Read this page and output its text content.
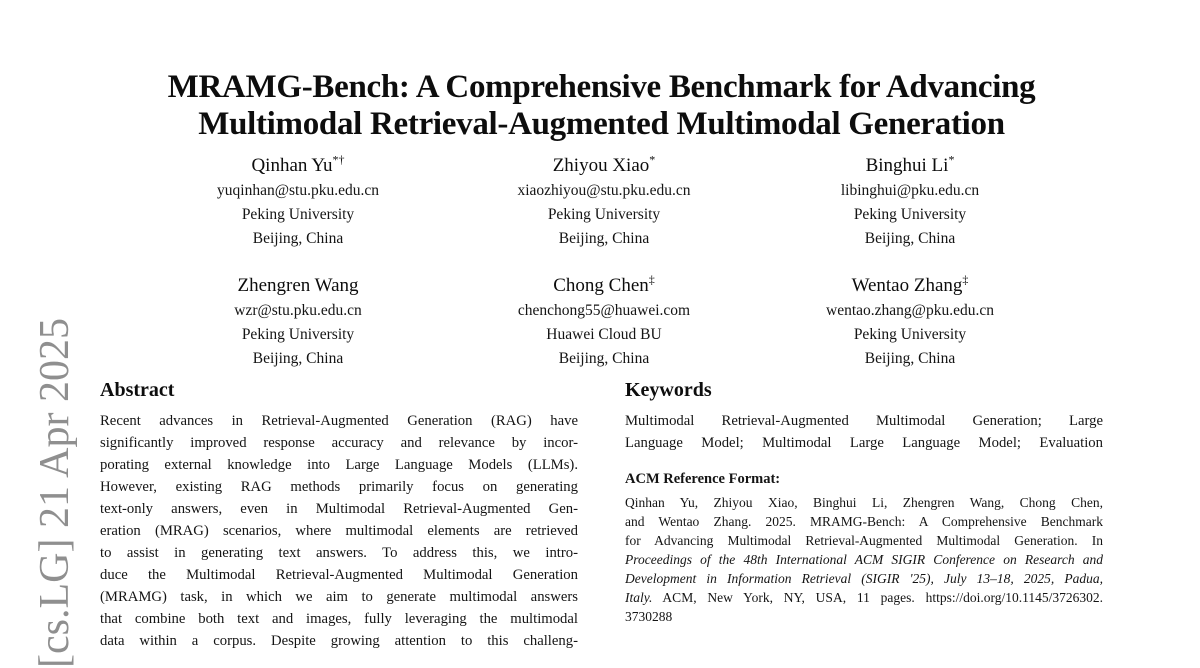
[cs.LG] 21 Apr 2025
MRAMG-Bench: A Comprehensive Benchmark for Advancing
Multimodal Retrieval-Augmented Multimodal Generation
Qinhan Yu*†
yuqinhan@stu.pku.edu.cn
Peking University
Beijing, China
Zhiyou Xiao*
xiaozhiyou@stu.pku.edu.cn
Peking University
Beijing, China
Binghui Li*
libinghui@pku.edu.cn
Peking University
Beijing, China
Zhengren Wang
wzr@stu.pku.edu.cn
Peking University
Beijing, China
Chong Chen‡
chenchong55@huawei.com
Huawei Cloud BU
Beijing, China
Wentao Zhang‡
wentao.zhang@pku.edu.cn
Peking University
Beijing, China
Abstract
Recent advances in Retrieval-Augmented Generation (RAG) have
significantly improved response accuracy and relevance by incor-
porating external knowledge into Large Language Models (LLMs).
However, existing RAG methods primarily focus on generating
text-only answers, even in Multimodal Retrieval-Augmented Gen-
eration (MRAG) scenarios, where multimodal elements are retrieved
to assist in generating text answers. To address this, we intro-
duce the Multimodal Retrieval-Augmented Multimodal Generation
(MRAMG) task, in which we aim to generate multimodal answers
that combine both text and images, fully leveraging the multimodal
data within a corpus. Despite growing attention to this challeng-
Keywords
Multimodal Retrieval-Augmented Multimodal Generation; Large
Language Model; Multimodal Large Language Model; Evaluation
ACM Reference Format:
Qinhan Yu, Zhiyou Xiao, Binghui Li, Zhengren Wang, Chong Chen,
and Wentao Zhang. 2025. MRAMG-Bench: A Comprehensive Benchmark
for Advancing Multimodal Retrieval-Augmented Multimodal Generation. In
Proceedings of the 48th International ACM SIGIR Conference on Research and
Development in Information Retrieval (SIGIR '25), July 13–18, 2025, Padua,
Italy. ACM, New York, NY, USA, 11 pages. https://doi.org/10.1145/3726302.
3730288
